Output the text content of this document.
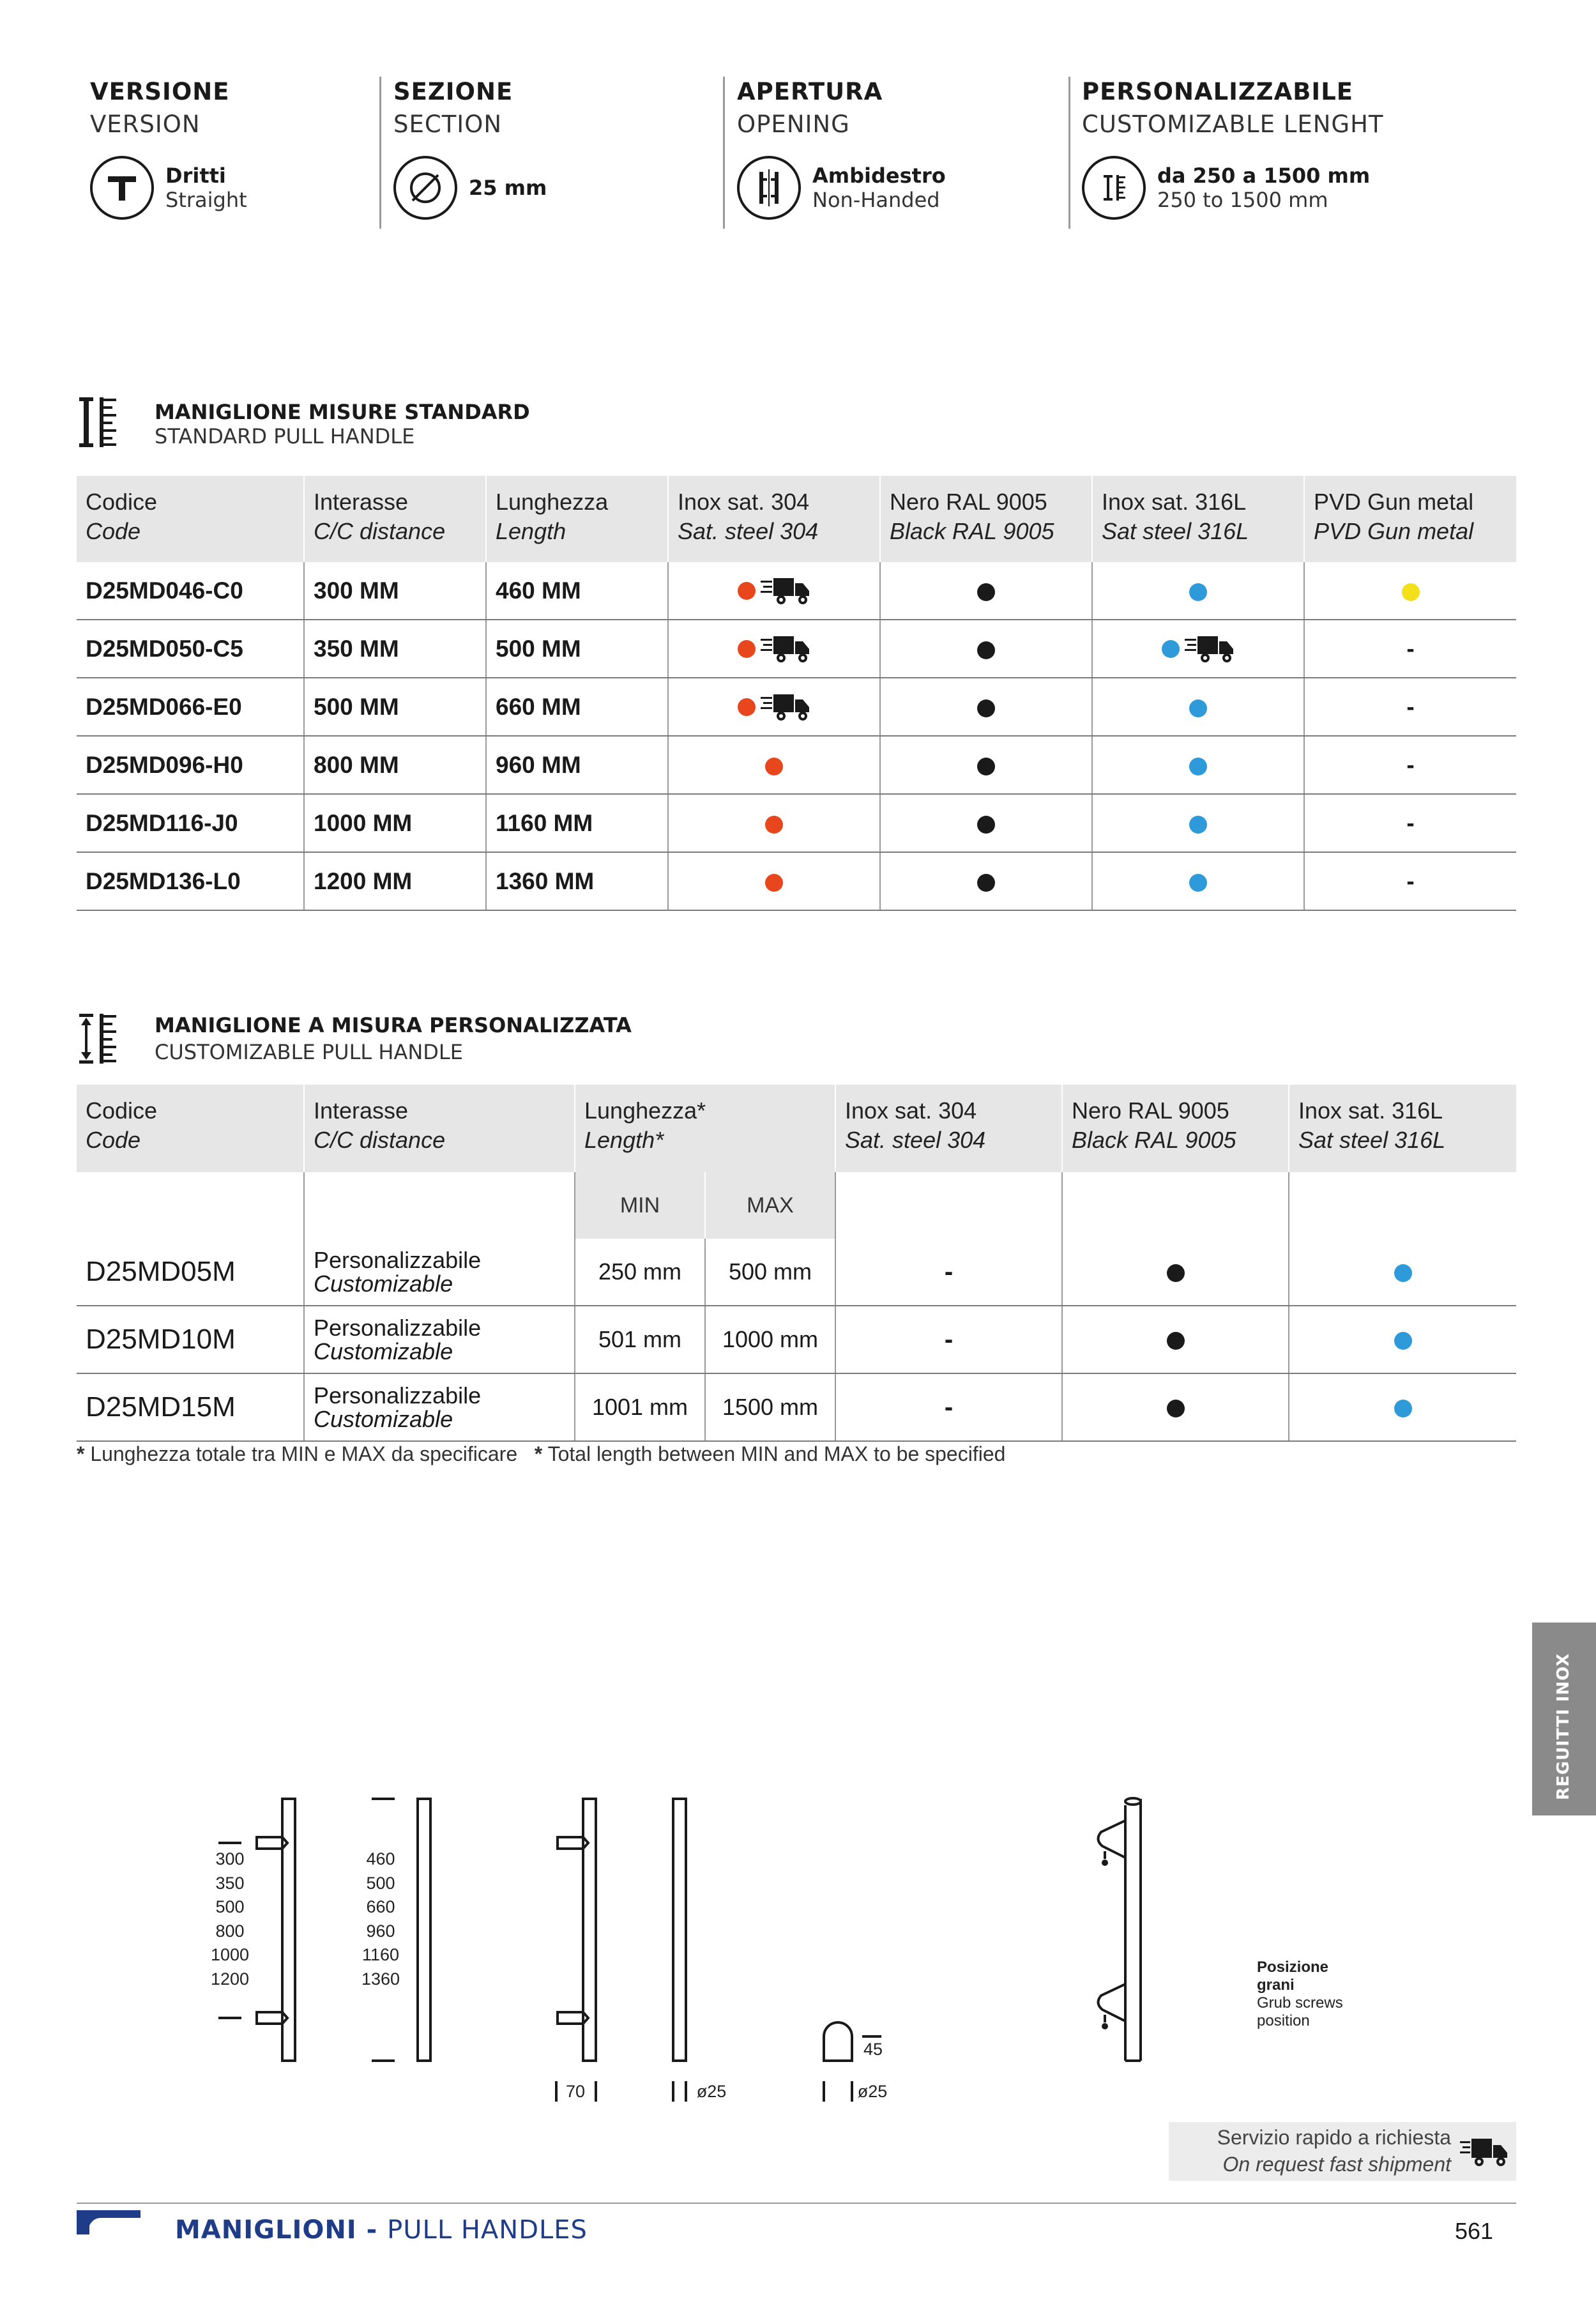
VERSIONE
VERSION
Dritti
Straight
SEZIONE
SECTION
25 mm
APERTURA
OPENING
Ambidestro
Non-Handed
PERSONALIZZABILE
CUSTOMIZABLE LENGHT
da 250 a 1500 mm
250 to 1500 mm
MANIGLIONE MISURE STANDARD
STANDARD PULL HANDLE
Codice
Code	Interasse
C/C distance	Lunghezza
Length	Inox sat. 304
Sat. steel 304	Nero RAL 9005
Black RAL 9005	Inox sat. 316L
Sat steel 316L	PVD Gun metal
PVD Gun metal

D25MD046-C0	300 MM	460 MM				
D25MD050-C5	350 MM	500 MM				-
D25MD066-E0	500 MM	660 MM				-
D25MD096-H0	800 MM	960 MM				-
D25MD116-J0	1000 MM	1160 MM				-
D25MD136-L0	1200 MM	1360 MM				-
MANIGLIONE A MISURA PERSONALIZZATA
CUSTOMIZABLE PULL HANDLE
Codice
Code	Interasse
C/C distance	Lunghezza*
Length*		Inox sat. 304
Sat. steel 304	Nero RAL 9005
Black RAL 9005	Inox sat. 316L
Sat steel 316L

		MIN	MAX			
D25MD05M	Personalizzabile
Customizable	250 mm	500 mm	-		
D25MD10M	Personalizzabile
Customizable	501 mm	1000 mm	-		
D25MD15M	Personalizzabile
Customizable	1001 mm	1500 mm	-		
* Lunghezza totale tra MIN e MAX da specificare * Total length between MIN and MAX to be specified
REGUITTI INOX
300
350
500
800
1000
1200
460
500
660
960
1160
1360
70	ø25	ø25
45
Posizione
grani
Grub screws
position
Servizio rapido a richiesta
On request fast shipment
MANIGLIONI - PULL HANDLES	561
